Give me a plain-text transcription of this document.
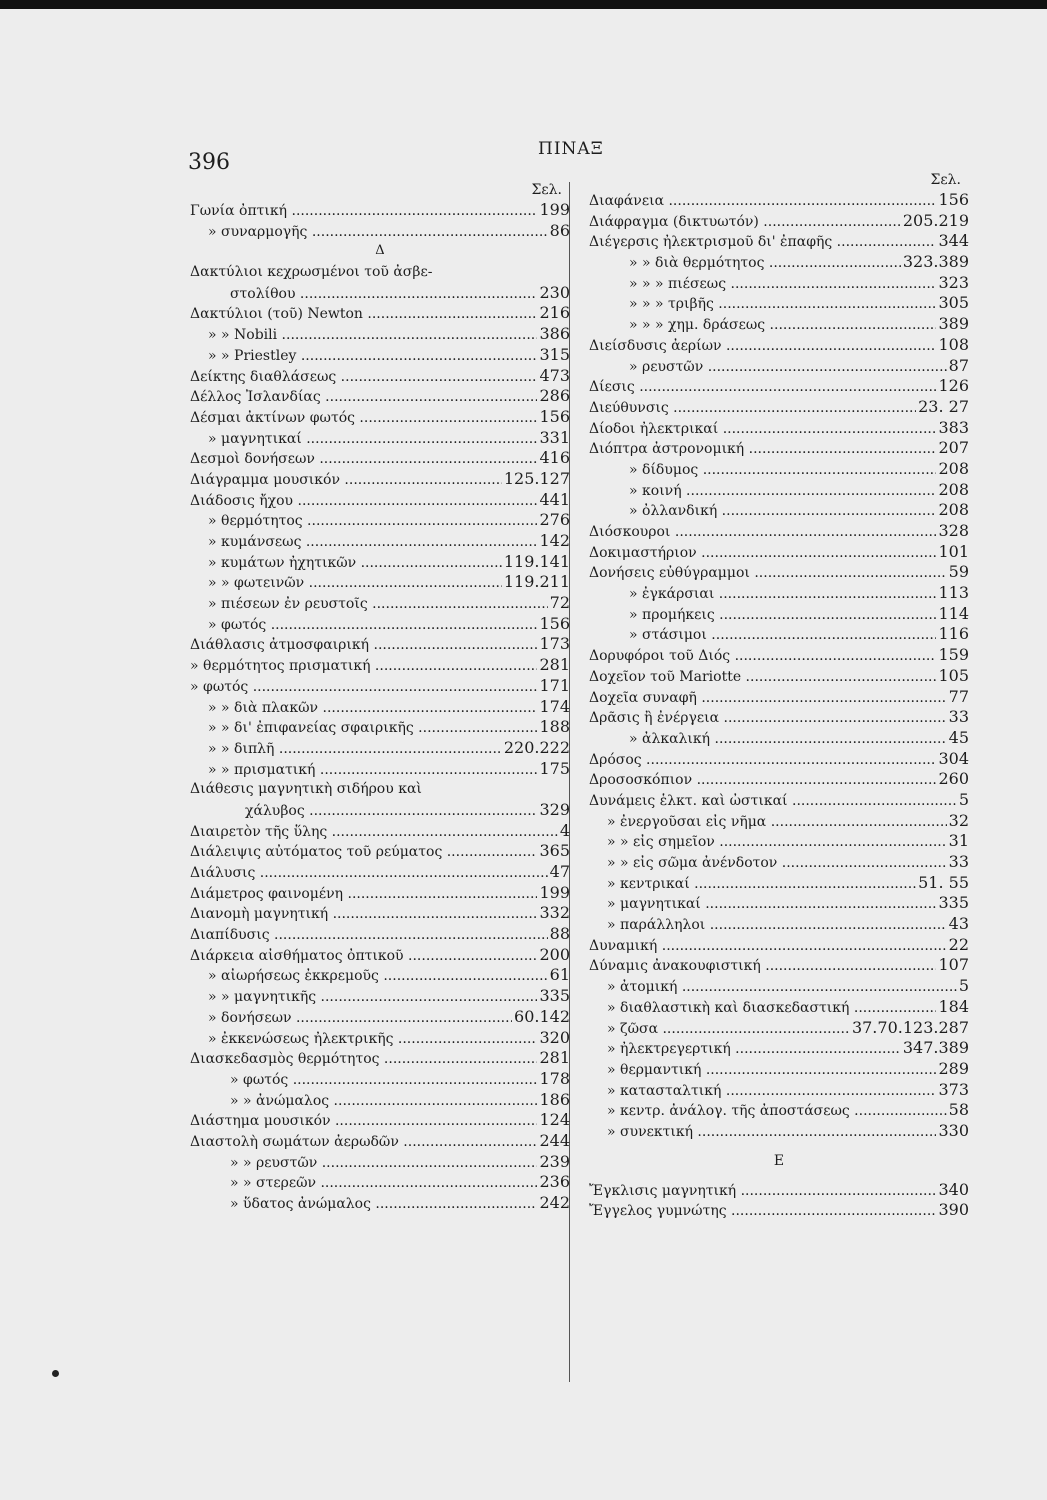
396
ΠΙΝΑΞ
Σελ.
Γωνία ὀπτική .....	199
» συναρμογῆς .....	86
Δ
Δακτύλιοι κεχρωσμένοι τοῦ ἀσβε-
στολίθου .....	230
Δακτύλιοι (τοῦ) Newton .....	216
» » Nobili .....	386
» » Priestley .....	315
Δείκτης διαθλάσεως .....	473
Δέλλος Ἰσλανδίας .....	286
Δέσμαι ἀκτίνων φωτός .....	156
» μαγνητικαί .....	331
Δεσμοὶ δονήσεων .....	416
Διάγραμμα μουσικόν .....	125.127
Διάδοσις ἤχου .....	441
» θερμότητος .....	276
» κυμάνσεως .....	142
» κυμάτων ἠχητικῶν .....	119.141
» » φωτεινῶν .....	119.211
» πιέσεων ἐν ρευστοῖς .....	72
» φωτός .....	156
Διάθλασις ἀτμοσφαιρική .....	173
» θερμότητος πρισματική .....	281
» φωτός .....	171
» » διὰ πλακῶν .....	174
» » δι' ἐπιφανείας σφαιρικῆς .....	188
» » διπλῆ .....	220.222
» » πρισματική .....	175
Διάθεσις μαγνητικὴ σιδήρου καὶ
χάλυβος .....	329
Διαιρετὸν τῆς ὕλης .....	4
Διάλειψις αὐτόματος τοῦ ρεύματος .....	365
Διάλυσις .....	47
Διάμετρος φαινομένη .....	199
Διανομὴ μαγνητική .....	332
Διαπίδυσις .....	88
Διάρκεια αἰσθήματος ὀπτικοῦ .....	200
» αἰωρήσεως ἐκκρεμοῦς .....	61
» » μαγνητικῆς .....	335
» δονήσεων .....	60.142
» ἐκκενώσεως ἠλεκτρικῆς .....	320
Διασκεδασμὸς θερμότητος .....	281
» φωτός .....	178
» » ἀνώμαλος .....	186
Διάστημα μουσικόν .....	124
Διαστολὴ σωμάτων ἀερωδῶν .....	244
» » ρευστῶν .....	239
» » στερεῶν .....	236
» ὕδατος ἀνώμαλος .....	242
Σελ.
Διαφάνεια .....	156
Διάφραγμα (δικτυωτόν) .....	205.219
Διέγερσις ἠλεκτρισμοῦ δι' ἐπαφῆς .....	344
» » διὰ θερμότητος .....	323.389
» » » πιέσεως .....	323
» » » τριβῆς .....	305
» » » χημ. δράσεως .....	389
Διείσδυσις ἀερίων .....	108
» ρευστῶν .....	87
Δίεσις .....	126
Διεύθυνσις .....	23. 27
Δίοδοι ἠλεκτρικαί .....	383
Διόπτρα ἀστρονομική .....	207
» δίδυμος .....	208
» κοινή .....	208
» ὀλλανδική .....	208
Διόσκουροι .....	328
Δοκιμαστήριον .....	101
Δονήσεις εὐθύγραμμοι .....	59
» ἐγκάρσιαι .....	113
» προμήκεις .....	114
» στάσιμοι .....	116
Δορυφόροι τοῦ Διός .....	159
Δοχεῖον τοῦ Mariotte .....	105
Δοχεῖα συναφῆ .....	77
Δρᾶσις ἢ ἐνέργεια .....	33
» ἀλκαλική .....	45
Δρόσος .....	304
Δροσοσκόπιον .....	260
Δυνάμεις ἑλκτ. καὶ ὠστικαί .....	5
» ἐνεργοῦσαι εἰς νῆμα .....	32
» » εἰς σημεῖον .....	31
» » εἰς σῶμα ἀνένδοτον .....	33
» κεντρικαί .....	51. 55
» μαγνητικαί .....	335
» παράλληλοι .....	43
Δυναμική .....	22
Δύναμις ἀνακουφιστική .....	107
» ἀτομική .....	5
» διαθλαστικὴ καὶ διασκεδαστική .....	184
» ζῶσα .....	37.70.123.287
» ἠλεκτρεγερτική .....	347.389
» θερμαντική .....	289
» κατασταλτική .....	373
» κεντρ. ἀνάλογ. τῆς ἀποστάσεως .....	58
» συνεκτική .....	330
Ε
Ἔγκλισις μαγνητική .....	340
Ἔγγελος γυμνώτης .....	390
